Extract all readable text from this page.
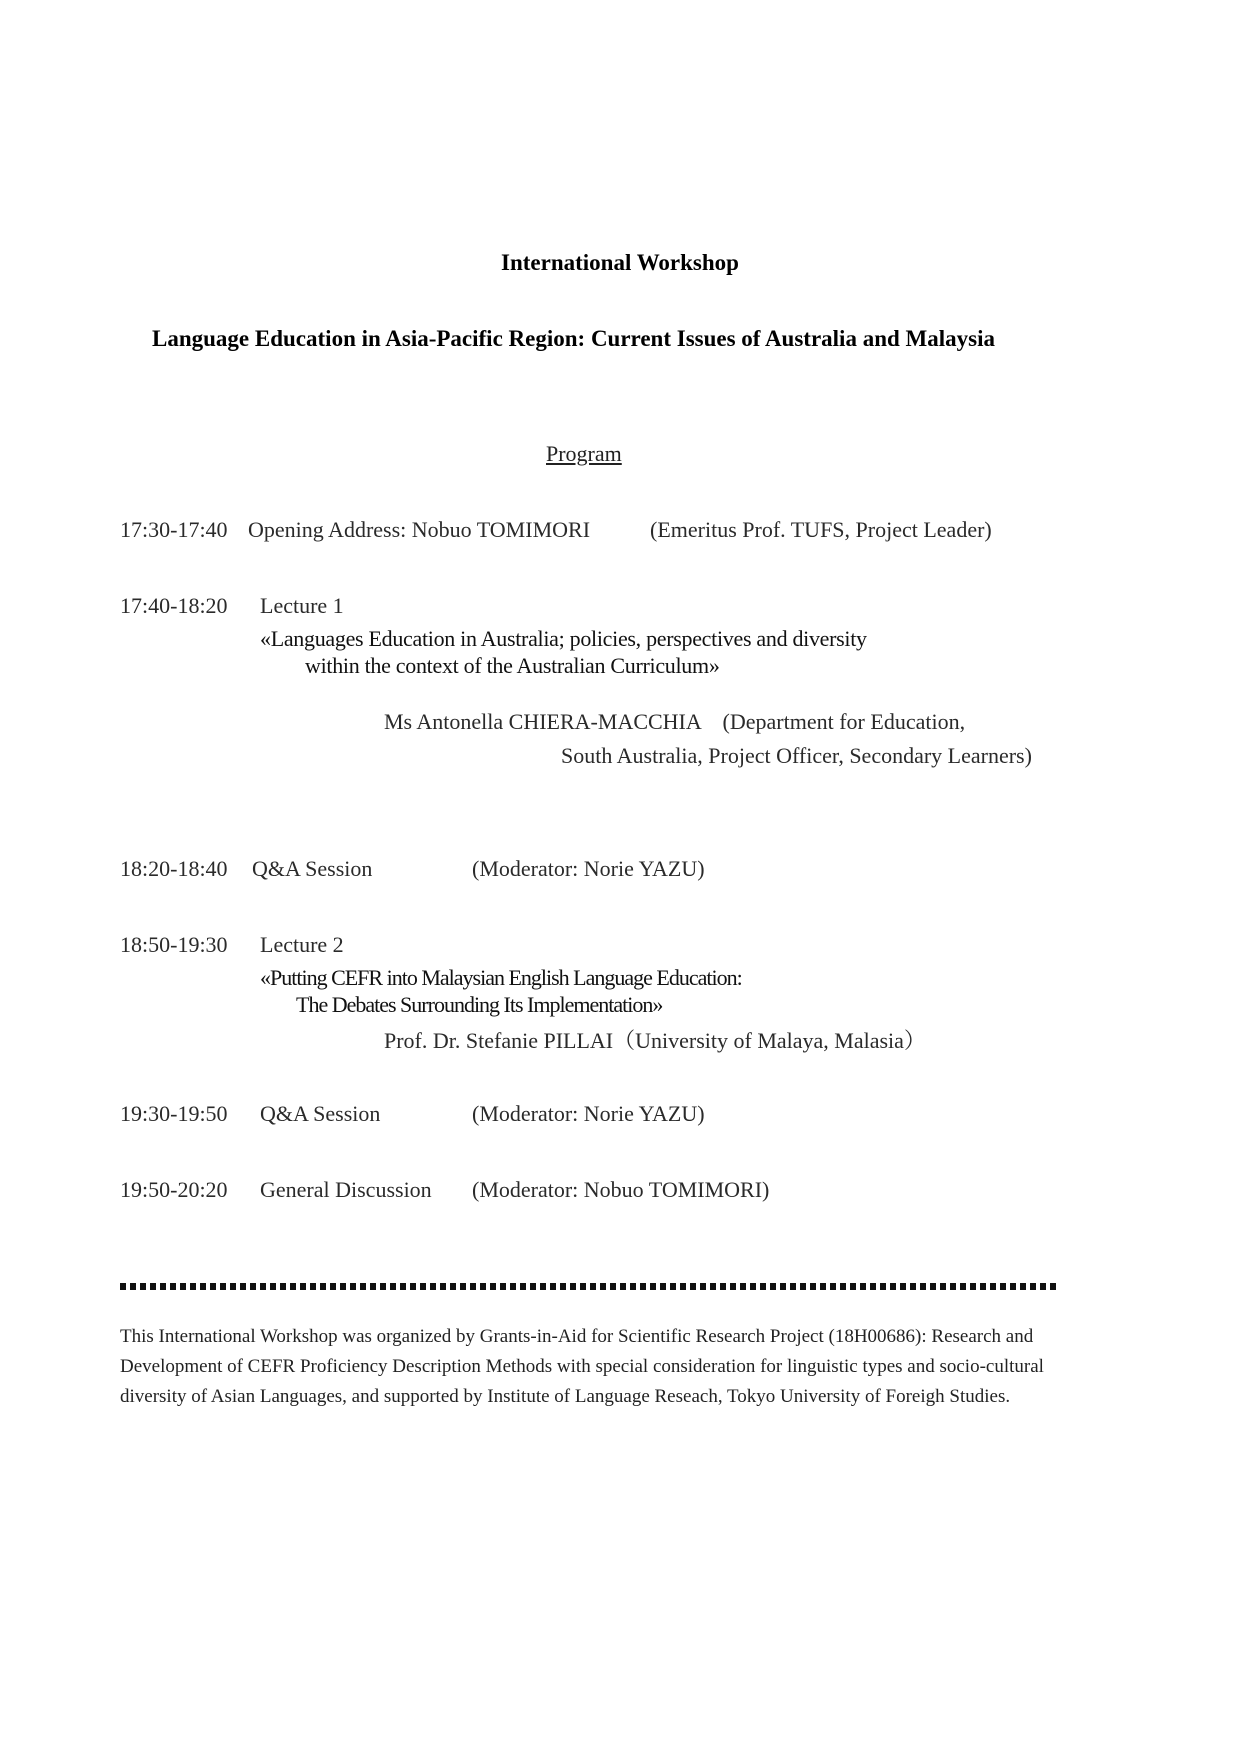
International Workshop
Language Education in Asia-Pacific Region: Current Issues of Australia and Malaysia
Program
17:30-17:40 Opening Address: Nobuo TOMIMORI	(Emeritus Prof. TUFS, Project Leader)
17:40-18:20 Lecture 1
«Languages Education in Australia; policies, perspectives and diversity
within the context of the Australian Curriculum»
Ms Antonella CHIERA-MACCHIA　(Department for Education,
South Australia, Project Officer, Secondary Learners)
18:20-18:40 Q&A Session	(Moderator: Norie YAZU)
18:50-19:30 Lecture 2
«Putting CEFR into Malaysian English Language Education:
The Debates Surrounding Its Implementation»
Prof. Dr. Stefanie PILLAI（University of Malaya, Malasia）
19:30-19:50 Q&A Session	(Moderator: Norie YAZU)
19:50-20:20 General Discussion (Moderator: Nobuo TOMIMORI)
This International Workshop was organized by Grants-in-Aid for Scientific Research Project (18H00686): Research and Development of CEFR Proficiency Description Methods with special consideration for linguistic types and socio-cultural diversity of Asian Languages, and supported by Institute of Language Reseach, Tokyo University of Foreigh Studies.
